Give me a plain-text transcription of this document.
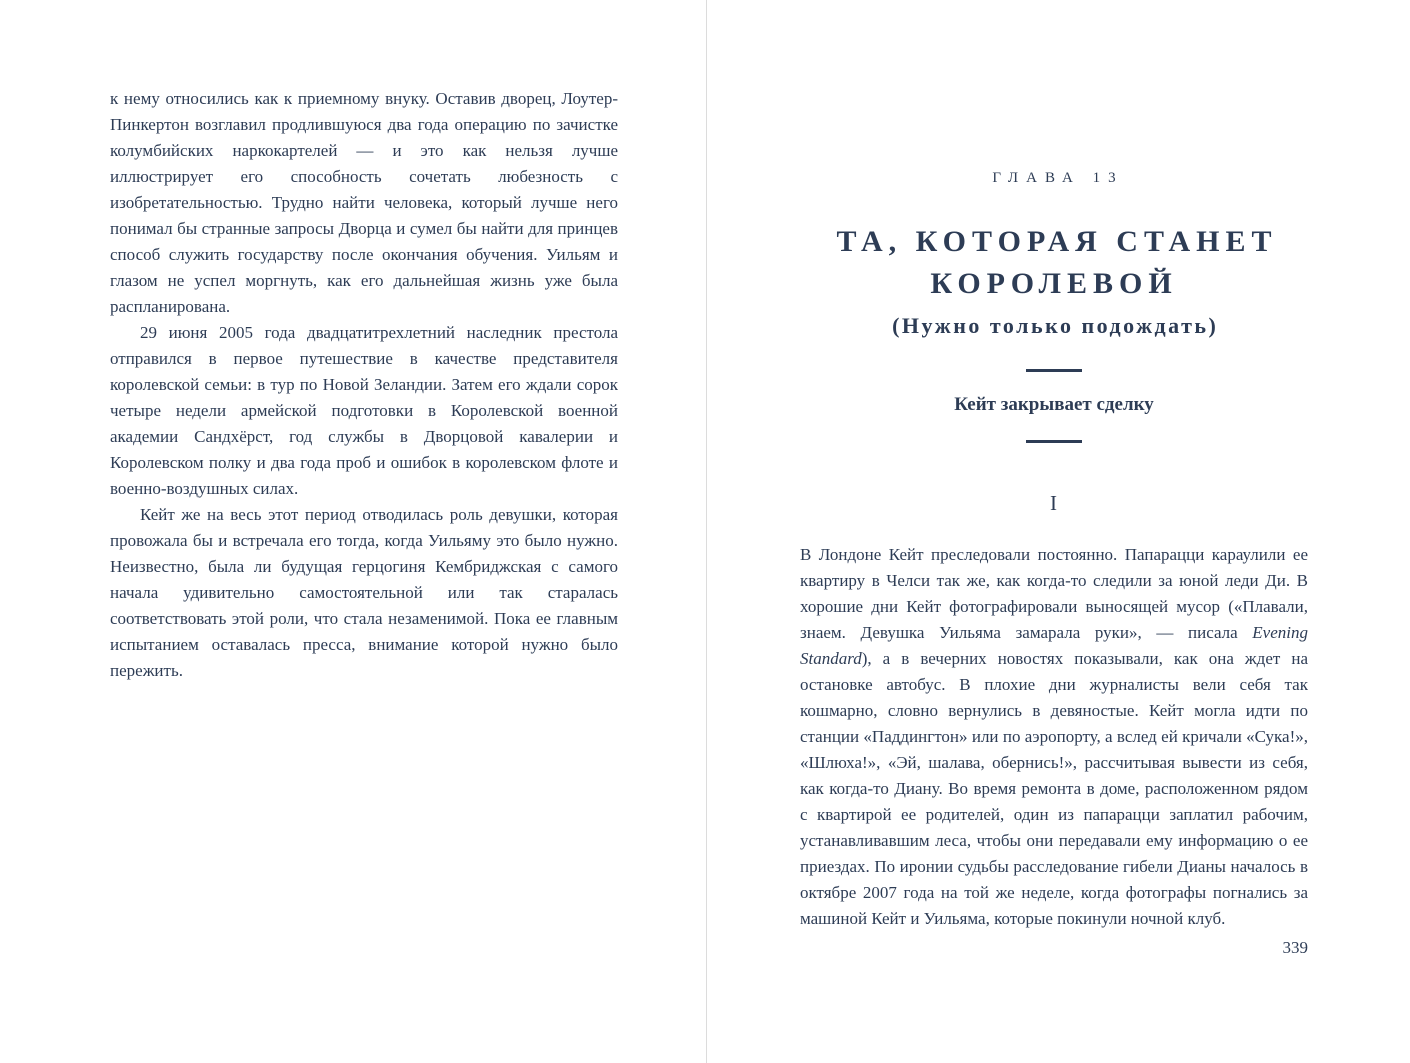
к нему относились как к приемному внуку. Оставив дворец, Лоутер-Пинкертон возглавил продлившуюся два года операцию по зачистке колумбийских наркокартелей — и это как нельзя лучше иллюстрирует его способность сочетать любезность с изобретательностью. Трудно найти человека, который лучше него понимал бы странные запросы Дворца и сумел бы найти для принцев способ служить государству после окончания обучения. Уильям и глазом не успел моргнуть, как его дальнейшая жизнь уже была распланирована.

29 июня 2005 года двадцатитрехлетний наследник престола отправился в первое путешествие в качестве представителя королевской семьи: в тур по Новой Зеландии. Затем его ждали сорок четыре недели армейской подготовки в Королевской военной академии Сандхёрст, год службы в Дворцовой кавалерии и Королевском полку и два года проб и ошибок в королевском флоте и военно-воздушных силах.

Кейт же на весь этот период отводилась роль девушки, которая провожала бы и встречала его тогда, когда Уильяму это было нужно. Неизвестно, была ли будущая герцогиня Кембриджская с самого начала удивительно самостоятельной или так старалась соответствовать этой роли, что стала незаменимой. Пока ее главным испытанием оставалась пресса, внимание которой нужно было пережить.

ГЛАВА 13
ТА, КОТОРАЯ СТАНЕТ КОРОЛЕВОЙ
(Нужно только подождать)
Кейт закрывает сделку
I

В Лондоне Кейт преследовали постоянно. Папарацци караулили ее квартиру в Челси так же, как когда-то следили за юной леди Ди. В хорошие дни Кейт фотографировали выносящей мусор («Плавали, знаем. Девушка Уильяма замарала руки», — писала Evening Standard), а в вечерних новостях показывали, как она ждет на остановке автобус. В плохие дни журналисты вели себя так кошмарно, словно вернулись в девяностые. Кейт могла идти по станции «Паддингтон» или по аэропорту, а вслед ей кричали «Сука!», «Шлюха!», «Эй, шалава, обернись!», рассчитывая вывести из себя, как когда-то Диану. Во время ремонта в доме, расположенном рядом с квартирой ее родителей, один из папарацци заплатил рабочим, устанавливавшим леса, чтобы они передавали ему информацию о ее приездах. По иронии судьбы расследование гибели Дианы началось в октябре 2007 года на той же неделе, когда фотографы погнались за машиной Кейт и Уильяма, которые покинули ночной клуб.

339
